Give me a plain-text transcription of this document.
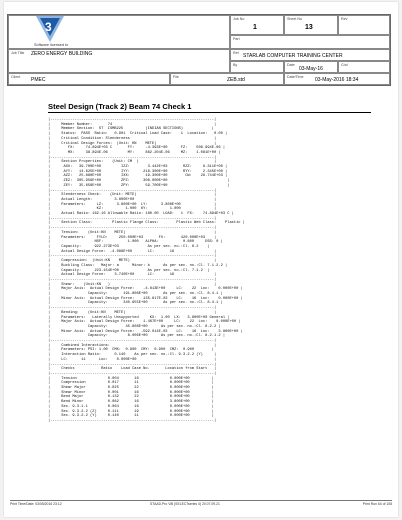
3
Software licensed to
Job No
1
Sheet No
13
Rev
Part
Job Title ZERO ENERGY BUILDING	Ref STARLAB COMPUTER TRAINING CENTER
By	Date
03-May-16
Chd
Client PMEC	File	ZEB.std	Date/Time 03-May-2016 18:34
Steel Design (Track 2) Beam 74 Check 1
|--------------------------------------------------------------------------|
|     Member Number:       74                                              |
|     Member Section:  ST  ISMB225          (INDIAN SECTIONS)             |
|     Status:  PASS  Ratio:   0.901  Critical Load Case:    1  Location:   0.00 |
|     Critical Condition: Slenderness                                      |
|     Critical Design Forces:  (Unit: KN    METE)                          |
|        FX:     74.894E+03 C       FY:     -4.393E+00      FZ:    506.994E-06 |
|        MX:     38.894E-06         MY:     882.204E-06     MZ:    1.081E+00 |
|--------------------------------------------------------------------------|
|     Section Properties:    (Unit: CM  )                                  |
|      AXX:   39.700E+00         IZZ:        3.442E+03       RZZ:     9.311E+00 |
|      AYY:   14.625E+00         IYY:      218.300E+00       RYY:     2.345E+00 |
|      AZZ:   25.880E+00         IXX:       19.300E+00        CW:    29.744E+03 |
|      ZEZ:  305.956E+00         ZPZ:      306.000E+00                           |
|      ZEY:   35.658E+00         ZPY:       59.700E+00                           |
|--------------------------------------------------------------------------|
|     Slenderness Check:    (Unit: METE)                                   |
|     Actual Length:          3.800E+00                                    |
|     Parameters:     LZ:      3.800E+00  LY:      3.800E+00               |
|                     KZ:          1.000  KY:          1.000               |
|     Actual Ratio: 162.16 Allowable Ratio: 180.00  LOAD:   1  FX:    74.894E+03 C |
|--------------------------------------------------------------------------|
|     Section Class:         Plastic Flange Class:        Plastic Web Class:    Plastic |
|--------------------------------------------------------------------------|
|     Tension:    (Unit:KN    METE)                                        |
|     Parameters:     FYLD:     250.000E+03       FU:       420.000E+03    |
|                    NSF:           1.000   ALPHA:           0.800     DSS: 0 |
|     Capacity:      922.273E+03             As per sec. no.:Cl. 6.2    |
|     Actual Design Force:  -4.088E+00       LC:       16                  |
|--------------------------------------------------------------------------|
|     Compression:  (Unit:KN    METE)                                      |
|     Buckling Class:   Major: a      Minor: b      As per sec. no.:Cl. 7.1.2.2 |
|     Capacity:      223.154E+00             As per sec. no.:Cl. 7.1.2  |
|     Actual Design Force:    3.740E+00      LC:       16                  |
|--------------------------------------------------------------------------|
|     Shear:    (Unit:KN   )                                               |
|     Major Axis:  Actual Design Force:    -4.813E+00     LC:    22  Loc:    0.000E+00 |
|                 Capacity:       191.808E+00       As per sec. no.:Cl. 8.4.1 |
|     Minor Axis:  Actual Design Force:    135.617E-03    LC:    16  Loc:    0.000E+00 |
|                 Capacity:       340.655E+00       As per sec. no.:Cl. 8.4.1 |
|--------------------------------------------------------------------------|
|     Bending:    (Unit:KN    METE)                                        |
|     Parameters:   Laterally Unsupported     KX:  1.00  LX:   3.800E+00 General |
|     Major Axis:  Actual Design Force:    1.467E+00     LC:    22  Loc:    0.000E+00 |
|                 Capacity:        45.808E+00      As per sec. no.:Cl. 8.2.2 |
|     Minor Axis:  Actual Design Force:   -592.014E-03    LC:    16  Loc:    3.800E+00 |
|                 Capacity:         8.006E+00      As per sec. no.:Cl. 8.2.1.2 |
|--------------------------------------------------------------------------|
|     Combined Interactions:                                               |
|     Parameters: PSI: 1.00  CMX:  0.900  CMY:  0.900  CMZ:  0.900        |
|     Interaction Ratio:      0.140    As per sec. no.:Cl. 9.3.2.2 (Y)     |
|     LC:      11      Loc:    0.000E+00                                   |
|--------------------------------------------------------------------------|
|     Checks            Ratio    Load Case No.       Location from Start   |
|--------------------------------------------------------------------------|
|     Tension              0.004       16              0.000E+00          |
|     Compression          0.017       11              0.000E+00          |
|     Shear Major          0.025       22              0.000E+00          |
|     Shear Minor          0.001       16              0.000E+00          |
|     Bend Major           0.132       22              0.000E+00          |
|     Bend Minor           0.082       16              3.800E+00          |
|     Sec. 9.3.1.1         0.064       16              0.000E+00          |
|     Sec. 9.3.2.2 (Z)     0.111       19              0.000E+00          |
|     Sec. 9.3.2.2 (Y)     0.140       11              0.000E+00          |
|--------------------------------------------------------------------------|
Print Time/Date: 03/05/2016 23:12	STAAD.Pro V8i (SELECTseries 4) 20.07.09.21	Print Run 64 of 108
